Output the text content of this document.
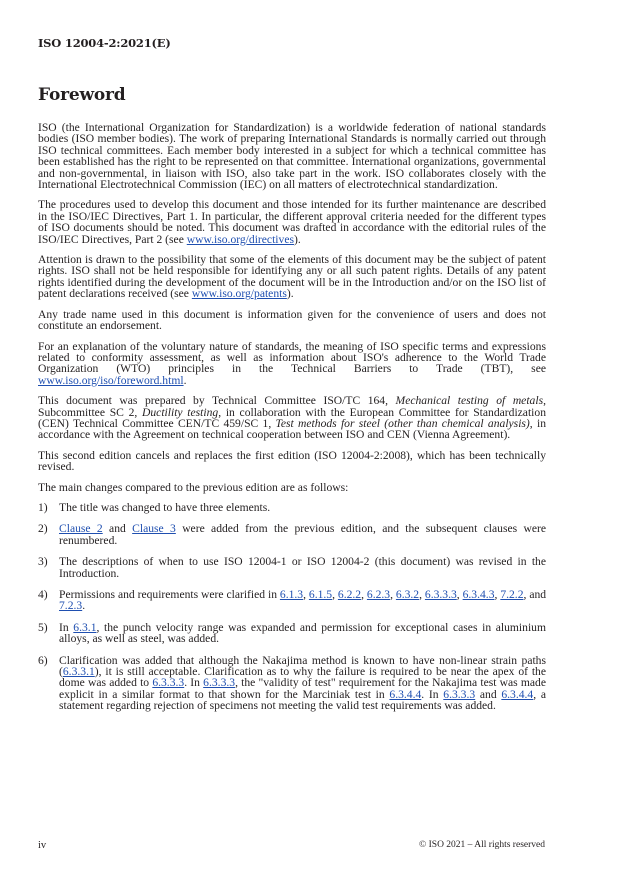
ISO 12004-2:2021(E)
Foreword

ISO (the International Organization for Standardization) is a worldwide federation of national standards bodies (ISO member bodies). The work of preparing International Standards is normally carried out through ISO technical committees. Each member body interested in a subject for which a technical committee has been established has the right to be represented on that committee. International organizations, governmental and non-governmental, in liaison with ISO, also take part in the work. ISO collaborates closely with the International Electrotechnical Commission (IEC) on all matters of electrotechnical standardization.

The procedures used to develop this document and those intended for its further maintenance are described in the ISO/IEC Directives, Part 1. In particular, the different approval criteria needed for the different types of ISO documents should be noted. This document was drafted in accordance with the editorial rules of the ISO/IEC Directives, Part 2 (see www.iso.org/directives).

Attention is drawn to the possibility that some of the elements of this document may be the subject of patent rights. ISO shall not be held responsible for identifying any or all such patent rights. Details of any patent rights identified during the development of the document will be in the Introduction and/or on the ISO list of patent declarations received (see www.iso.org/patents).

Any trade name used in this document is information given for the convenience of users and does not constitute an endorsement.

For an explanation of the voluntary nature of standards, the meaning of ISO specific terms and expressions related to conformity assessment, as well as information about ISO's adherence to the World Trade Organization (WTO) principles in the Technical Barriers to Trade (TBT), see www.iso.org/iso/foreword.html.

This document was prepared by Technical Committee ISO/TC 164, Mechanical testing of metals, Subcommittee SC 2, Ductility testing, in collaboration with the European Committee for Standardization (CEN) Technical Committee CEN/TC 459/SC 1, Test methods for steel (other than chemical analysis), in accordance with the Agreement on technical cooperation between ISO and CEN (Vienna Agreement).

This second edition cancels and replaces the first edition (ISO 12004-2:2008), which has been technically revised.

The main changes compared to the previous edition are as follows:

1) The title was changed to have three elements.
2) Clause 2 and Clause 3 were added from the previous edition, and the subsequent clauses were renumbered.
3) The descriptions of when to use ISO 12004-1 or ISO 12004-2 (this document) was revised in the Introduction.
4) Permissions and requirements were clarified in 6.1.3, 6.1.5, 6.2.2, 6.2.3, 6.3.2, 6.3.3.3, 6.3.4.3, 7.2.2, and 7.2.3.
5) In 6.3.1, the punch velocity range was expanded and permission for exceptional cases in aluminium alloys, as well as steel, was added.
6) Clarification was added that although the Nakajima method is known to have non-linear strain paths (6.3.3.1), it is still acceptable. Clarification as to why the failure is required to be near the apex of the dome was added to 6.3.3.3. In 6.3.3.3, the "validity of test" requirement for the Nakajima test was made explicit in a similar format to that shown for the Marciniak test in 6.3.4.4. In 6.3.3.3 and 6.3.4.4, a statement regarding rejection of specimens not meeting the valid test requirements was added.
iv	© ISO 2021 – All rights reserved
